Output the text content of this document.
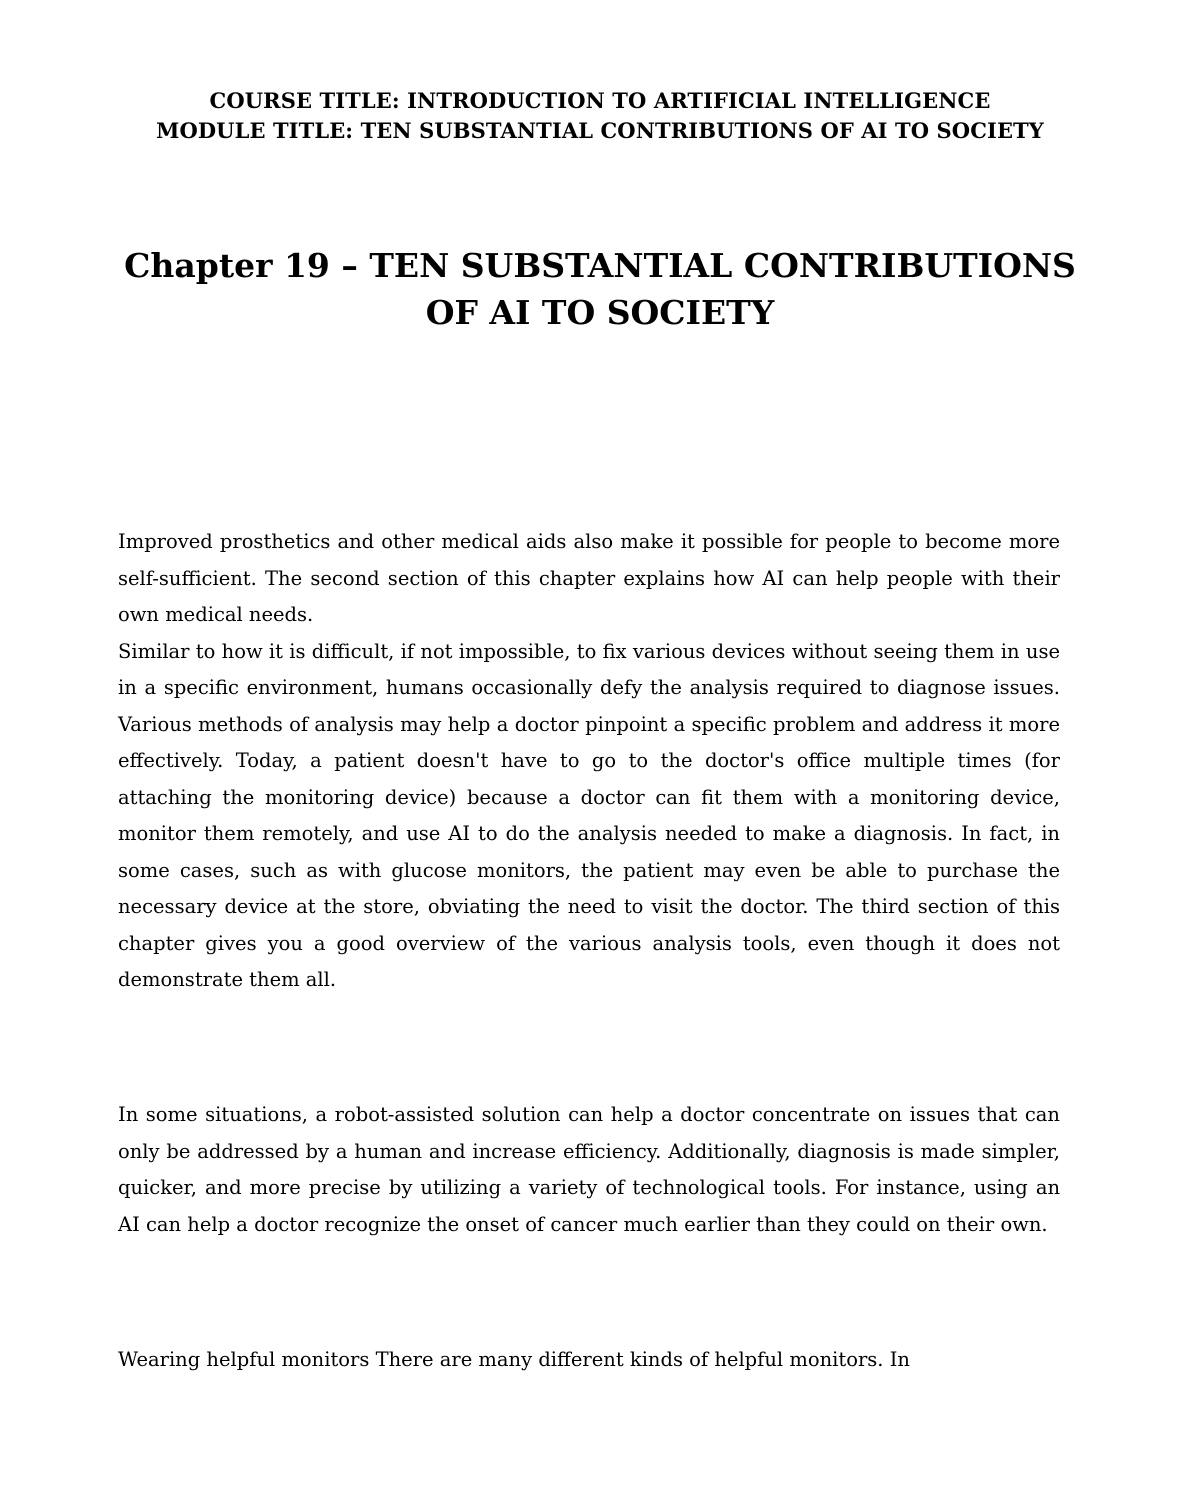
COURSE TITLE: INTRODUCTION TO ARTIFICIAL INTELLIGENCE
MODULE TITLE: TEN SUBSTANTIAL CONTRIBUTIONS OF AI TO SOCIETY
Chapter 19 – TEN SUBSTANTIAL CONTRIBUTIONS
OF AI TO SOCIETY

Improved prosthetics and other medical aids also make it possible for people to become more self-sufficient. The second section of this chapter explains how AI can help people with their own medical needs.

Similar to how it is difficult, if not impossible, to fix various devices without seeing them in use in a specific environment, humans occasionally defy the analysis required to diagnose issues. Various methods of analysis may help a doctor pinpoint a specific problem and address it more effectively. Today, a patient doesn't have to go to the doctor's office multiple times (for attaching the monitoring device) because a doctor can fit them with a monitoring device, monitor them remotely, and use AI to do the analysis needed to make a diagnosis. In fact, in some cases, such as with glucose monitors, the patient may even be able to purchase the necessary device at the store, obviating the need to visit the doctor. The third section of this chapter gives you a good overview of the various analysis tools, even though it does not demonstrate them all.

In some situations, a robot-assisted solution can help a doctor concentrate on issues that can only be addressed by a human and increase efficiency. Additionally, diagnosis is made simpler, quicker, and more precise by utilizing a variety of technological tools. For instance, using an AI can help a doctor recognize the onset of cancer much earlier than they could on their own.

Wearing helpful monitors There are many different kinds of helpful monitors. In
